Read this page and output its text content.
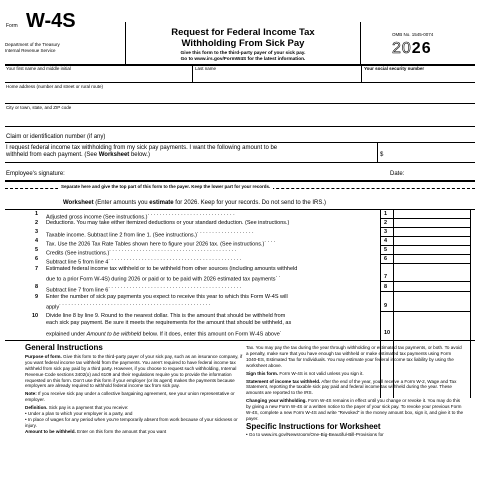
Form W-4S
Department of the Treasury
Internal Revenue Service
Request for Federal Income Tax
Withholding From Sick Pay
Give this form to the third-party payer of your sick pay.
Go to www.irs.gov/FormW4S for the latest information.
OMB No. 1545-0074
2026
Your first name and middle initial	Last name	Your social security number
Home address (number and street or rural route)
City or town, state, and ZIP code
Claim or identification number (if any)
I request federal income tax withholding from my sick pay payments. I want the following amount to be
withheld from each payment. (See Worksheet below.)	$
Employee's signature:	Date:
Separate here and give the top part of this form to the payer. Keep the lower part for your records.
Worksheet (Enter amounts you estimate for 2026. Keep for your records. Do not send to the IRS.)
1
Adjusted gross income (See instructions.). . . . . . . . . . . . . . . . . . . . . . . . . . . . .	1
2 Deductions. You may take either itemized deductions or your standard deduction. (See instructions.)	2
3
Taxable income. Subtract line 2 from line 1. (See instructions.). . . . . . . . . . . . . . . . . . .	3
4
Tax. Use the 2026 Tax Rate Tables shown here to figure your 2026 tax. (See instructions.). . . .	4
5
Credits (See instructions.). . . . . . . . . . . . . . . . . . . . . . . . . . . . . . . . . . . . . . . . . .	5
6
Subtract line 5 from line 4. . . . . . . . . . . . . . . . . . . . . . . . . . . . . . . . . . . . . . . . . . . .	6
7 Estimated federal income tax withheld or to be withheld from other sources (including amounts withheld
due to a prior Form W-4S) during 2026 or paid or to be paid with 2026 estimated tax payments. .	7
8
Subtract line 7 from line 6. . . . . . . . . . . . . . . . . . . . . . . . . . . . . . . . . . . . . . . . . . . .	8
9 Enter the number of sick pay payments you expect to receive this year to which this Form W-4S will
apply. . . . . . . . . . . . . . . . . . . . . . . . . . . . . . . . . . . . . . . . . . . . . . . . . .	9
10 Divide line 8 by line 9. Round to the nearest dollar. This is the amount that should be withheld from
each sick pay payment. Be sure it meets the requirements for the amount that should be withheld, as
explained under Amount to be withheld below. If it does, enter this amount on Form W-4S above.	10
General Instructions

Purpose of form. Give this form to the third-party payer of your sick pay, such as an insurance company, if you want federal income tax withheld from the payments. You aren't required to have federal income tax withheld from sick pay paid by a third party. However, if you choose to request such withholding, Internal Revenue Code sections 3402(o) and 6109 and their regulations require you to provide the information requested on this form. Don't use this form if your employer (or its agent) makes the payments because employers are already required to withhold federal income tax from sick pay.

Note: If you receive sick pay under a collective bargaining agreement, see your union representative or employer.

Definition. Sick pay is a payment that you receive:

• Under a plan to which your employer is a party, and
• In place of wages for any period when you're temporarily absent from work because of your sickness or injury.

Amount to be withheld. Enter on this form the amount that you want

Tax. You may pay the tax during the year through withholding or estimated tax payments, or both. To avoid a penalty, make sure that you have enough tax withheld or make estimated tax payments using Form 1040-ES, Estimated Tax for Individuals. You may estimate your federal income tax liability by using the worksheet above.

Sign this form. Form W-4S is not valid unless you sign it.

Statement of income tax withheld. After the end of the year, you'll receive a Form W-2, Wage and Tax Statement, reporting the taxable sick pay paid and federal income tax withheld during the year. These amounts are reported to the IRS.

Changing your withholding. Form W-4S remains in effect until you change or revoke it. You may do this by giving a new Form W-4S or a written notice to the payer of your sick pay. To revoke your previous Form W-4S, complete a new Form W-4S and write "Revoked" in the money amount box, sign it, and give it to the payer.

Specific Instructions for Worksheet

• Go to www.irs.gov/Newsroom/One-Big-Beautiful-Bill-Provisions for
